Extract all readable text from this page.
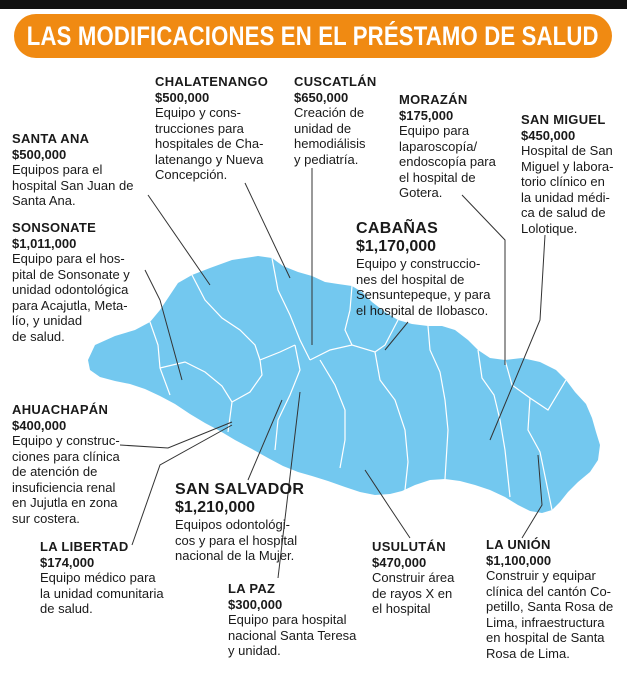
LAS MODIFICACIONES EN EL PRÉSTAMO DE SALUD
CHALATENANGO
$500,000
Equipo y cons-
trucciones para
hospitales de Cha-
latenango y Nueva
Concepción.
CUSCATLÁN
$650,000
Creación de
unidad de
hemodiálisis
y pediatría.
MORAZÁN
$175,000
Equipo para
laparoscopía/
endoscopía para
el hospital de
Gotera.
SAN MIGUEL
$450,000
Hospital de San
Miguel y labora-
torio clínico en
la unidad médi-
ca de salud de
Lolotique.
SANTA ANA
$500,000
Equipos para el
hospital San Juan de
Santa Ana.
SONSONATE
$1,011,000
Equipo para el hos-
pital de Sonsonate y
unidad odontológica
para Acajutla, Meta-
lío, y unidad
de salud.
CABAÑAS
$1,170,000
Equipo y construccio-
nes del hospital de
Sensuntepeque, y para
el hospital de Ilobasco.
AHUACHAPÁN
$400,000
Equipo y construc-
ciones para clínica
de atención de
insuficiencia renal
en Jujutla en zona
sur costera.
SAN SALVADOR
$1,210,000
Equipos odontológi-
cos y para el hospital
nacional de la Mujer.
LA LIBERTAD
$174,000
Equipo médico para
la unidad comunitaria
de salud.
LA PAZ
$300,000
Equipo para hospital
nacional Santa Teresa
y unidad.
USULUTÁN
$470,000
Construir área
de rayos X en
el hospital
LA UNIÓN
$1,100,000
Construir y equipar
clínica del cantón Co-
petillo, Santa Rosa de
Lima, infraestructura
en hospital de Santa
Rosa de Lima.
